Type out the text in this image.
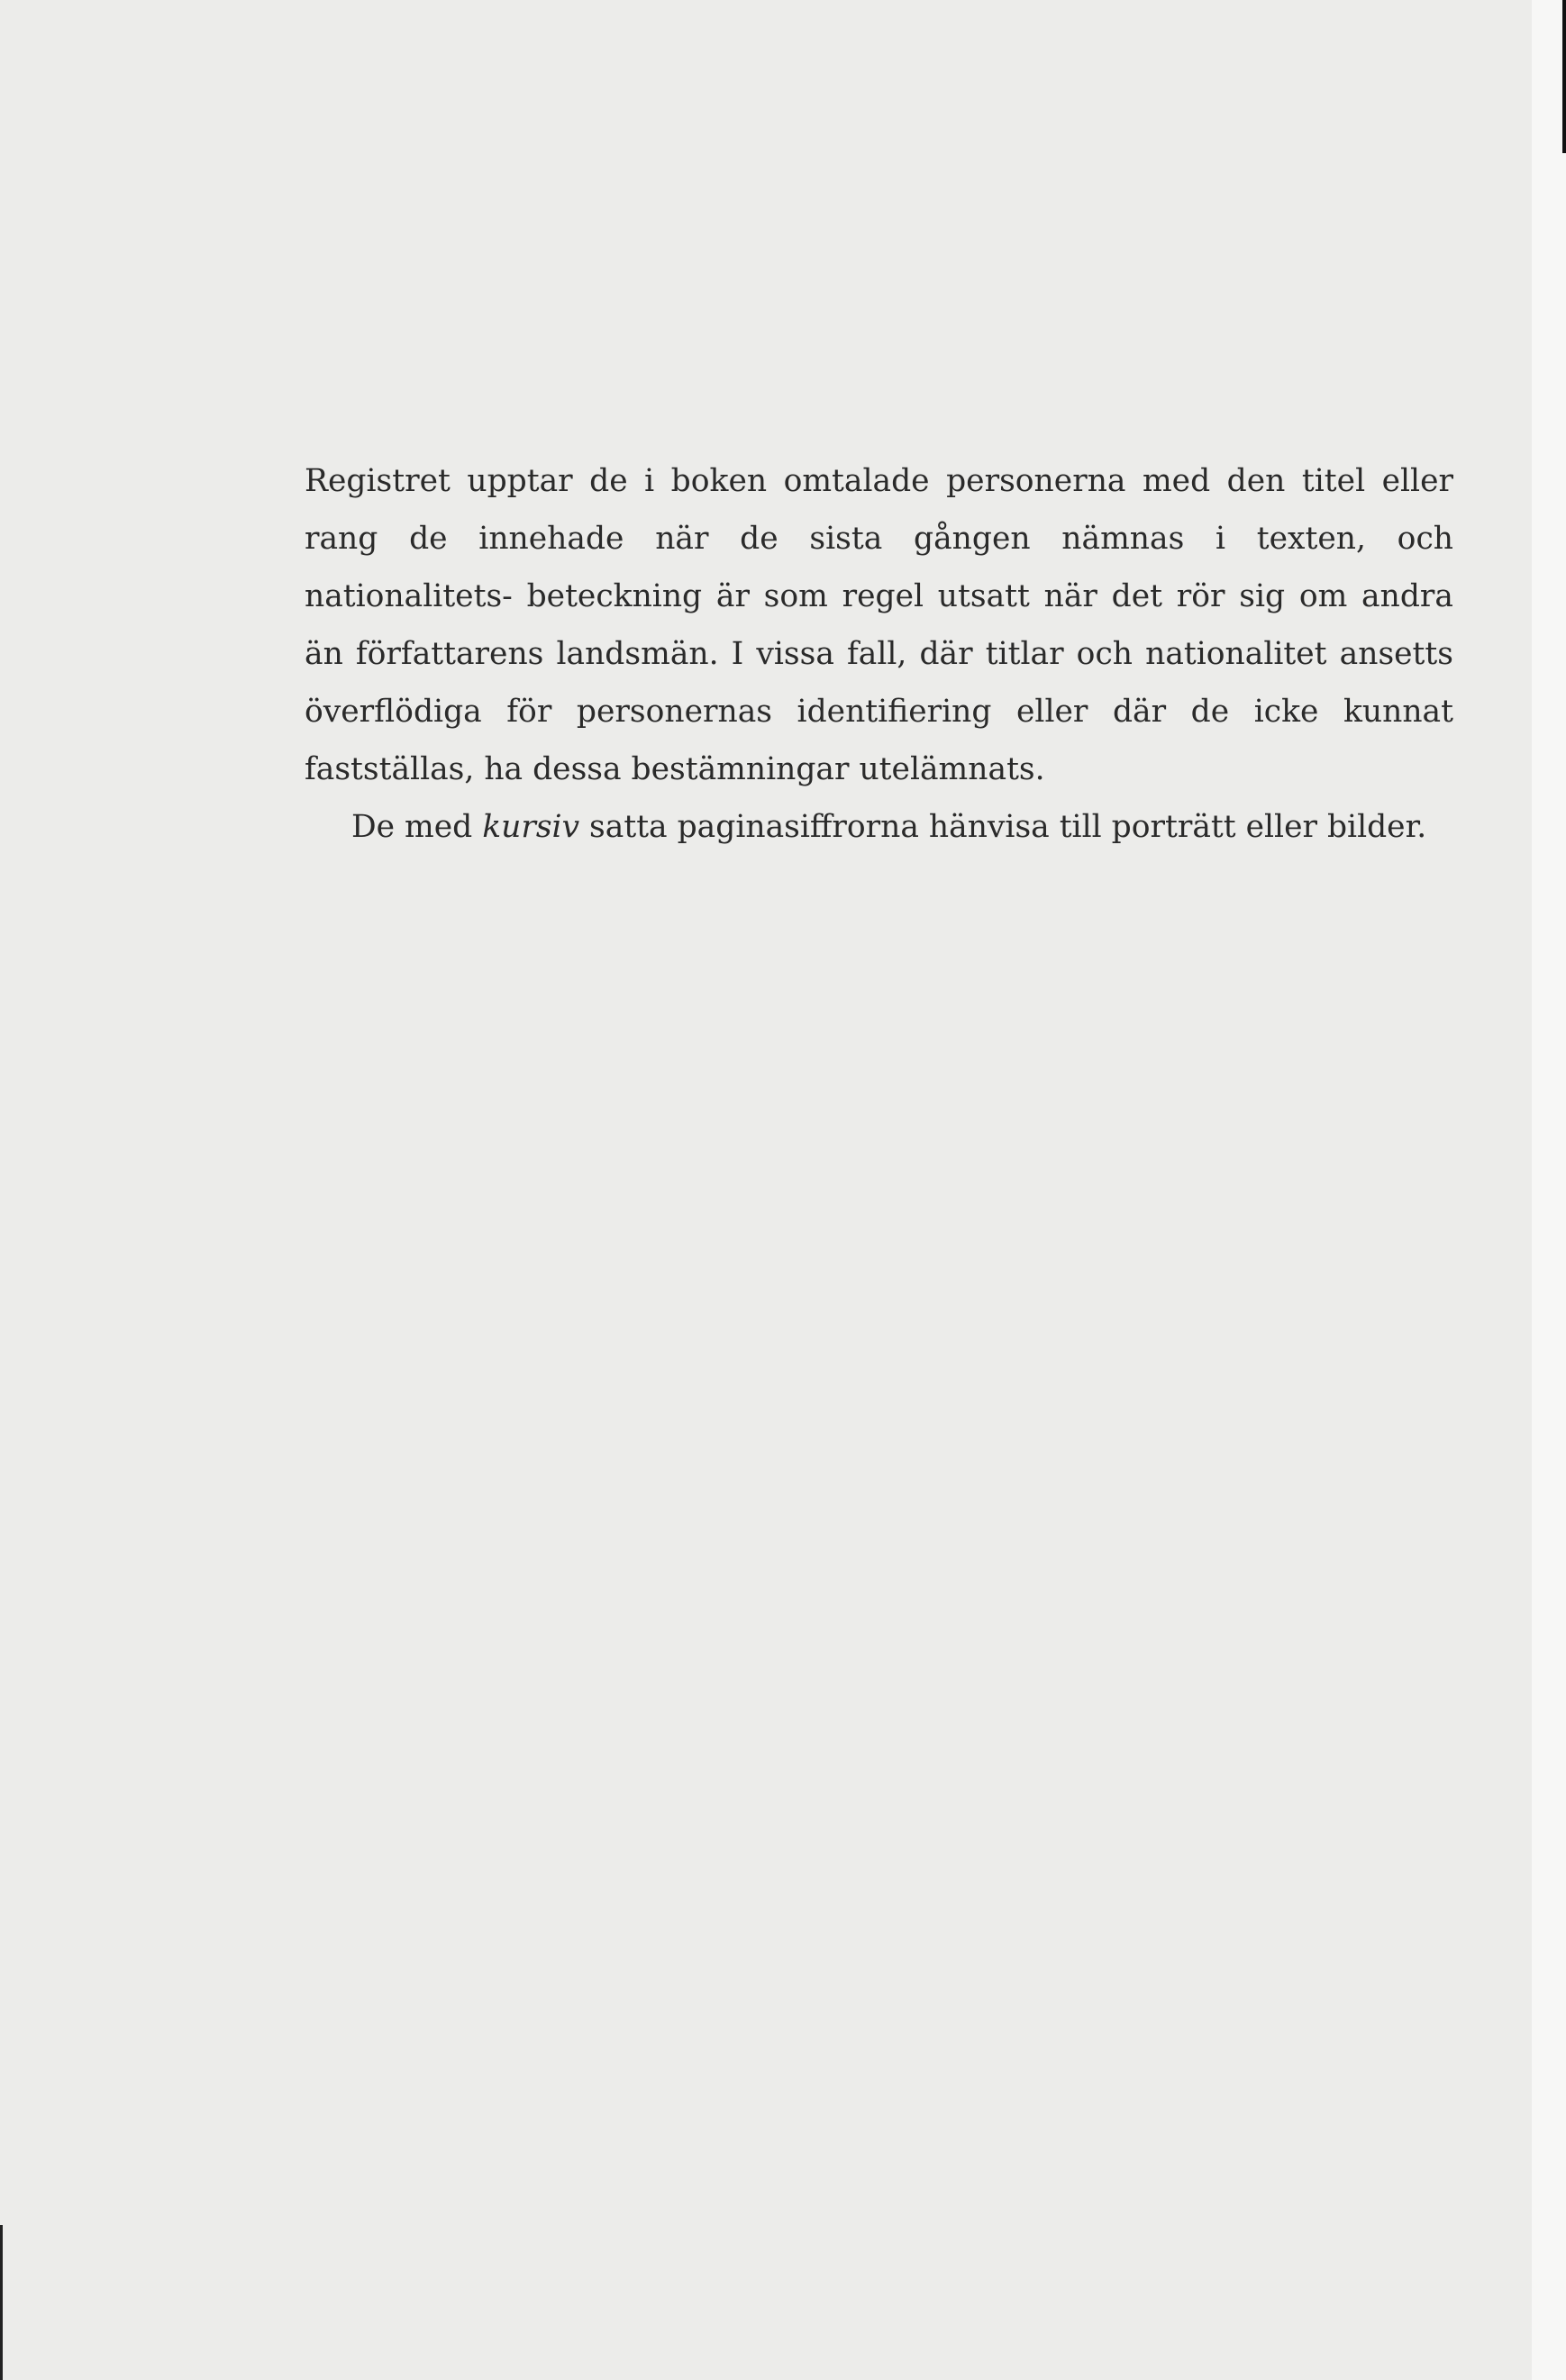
Registret upptar de i boken omtalade personerna med den titel eller rang de innehade när de sista gången nämnas i texten, och nationalitets- beteckning är som regel utsatt när det rör sig om andra än författarens landsmän. I vissa fall, där titlar och nationalitet ansetts överflödiga för personernas identifiering eller där de icke kunnat fastställas, ha dessa bestämningar utelämnats.

De med kursiv satta paginasiffrorna hänvisa till porträtt eller bilder.
